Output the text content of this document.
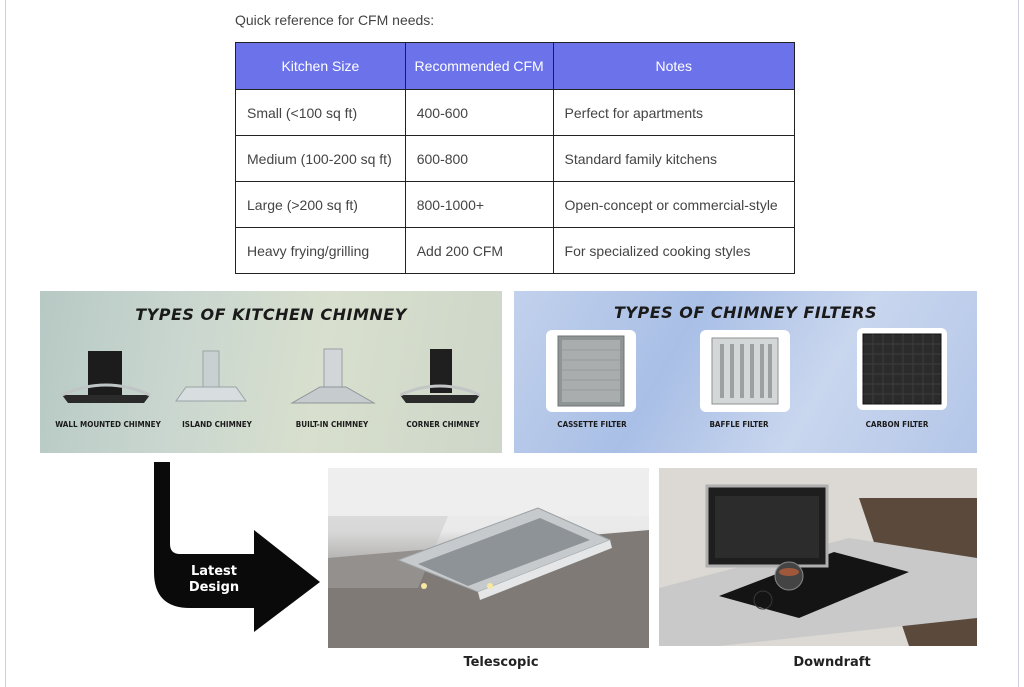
Quick reference for CFM needs:

Kitchen Size	Recommended CFM	Notes
Small (<100 sq ft)	400-600	Perfect for apartments
Medium (100-200 sq ft)	600-800	Standard family kitchens
Large (>200 sq ft)	800-1000+	Open-concept or commercial-style
Heavy frying/grilling	Add 200 CFM	For specialized cooking styles
TYPES OF KITCHEN CHIMNEY
WALL MOUNTED CHIMNEY	ISLAND CHIMNEY	BUILT-IN CHIMNEY	CORNER CHIMNEY
TYPES OF CHIMNEY FILTERS
CASSETTE FILTER	BAFFLE FILTER	CARBON FILTER
Latest
Design
Telescopic	Downdraft
